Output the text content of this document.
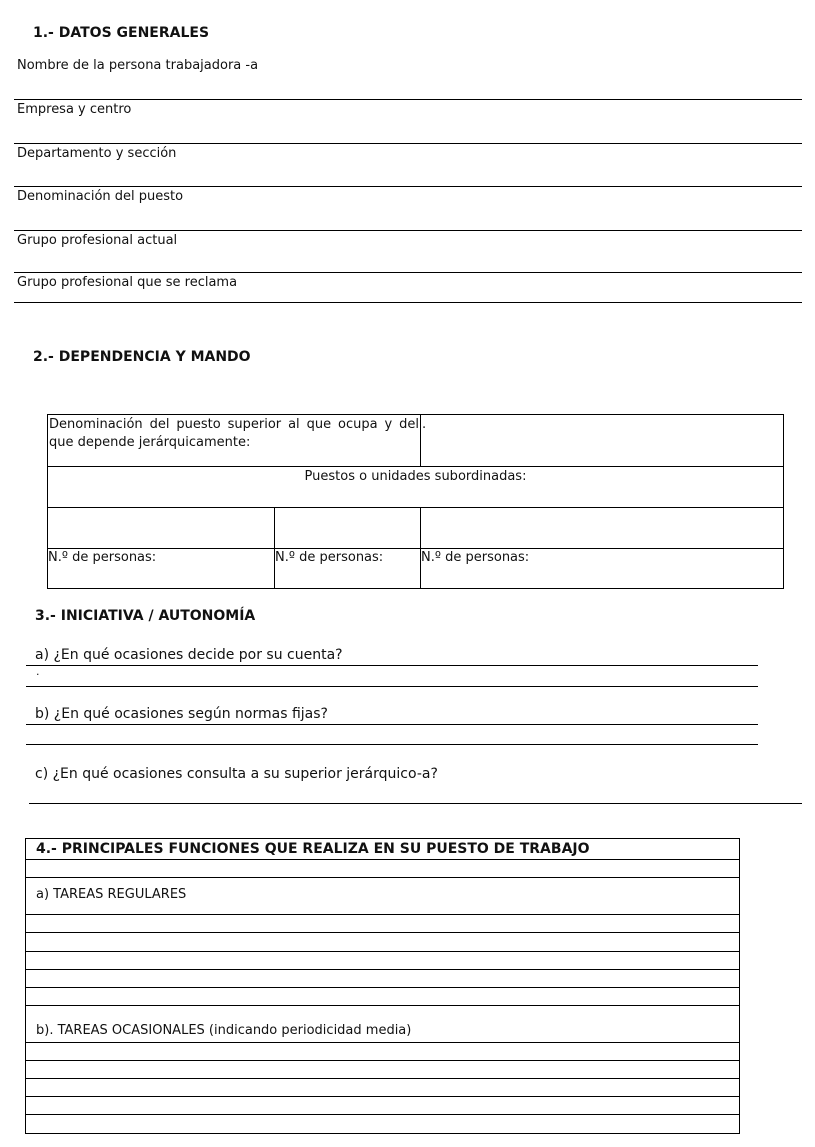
1.- DATOS GENERALES
Nombre de la persona trabajadora -a
Empresa y centro
Departamento y sección
Denominación del puesto
Grupo profesional actual
Grupo profesional que se reclama
2.- DEPENDENCIA Y MANDO
Denominación del puesto superior al que ocupa y del
que depende jerárquicamente:
.
Puestos o unidades subordinadas:
N.º de personas:	N.º de personas:	N.º de personas:
3.- INICIATIVA / AUTONOMÍA
a) ¿En qué ocasiones decide por su cuenta?
.
b) ¿En qué ocasiones según normas fijas?
c) ¿En qué ocasiones consulta a su superior jerárquico-a?
4.- PRINCIPALES FUNCIONES QUE REALIZA EN SU PUESTO DE TRABAJO
a) TAREAS REGULARES
b). TAREAS OCASIONALES (indicando periodicidad media)
